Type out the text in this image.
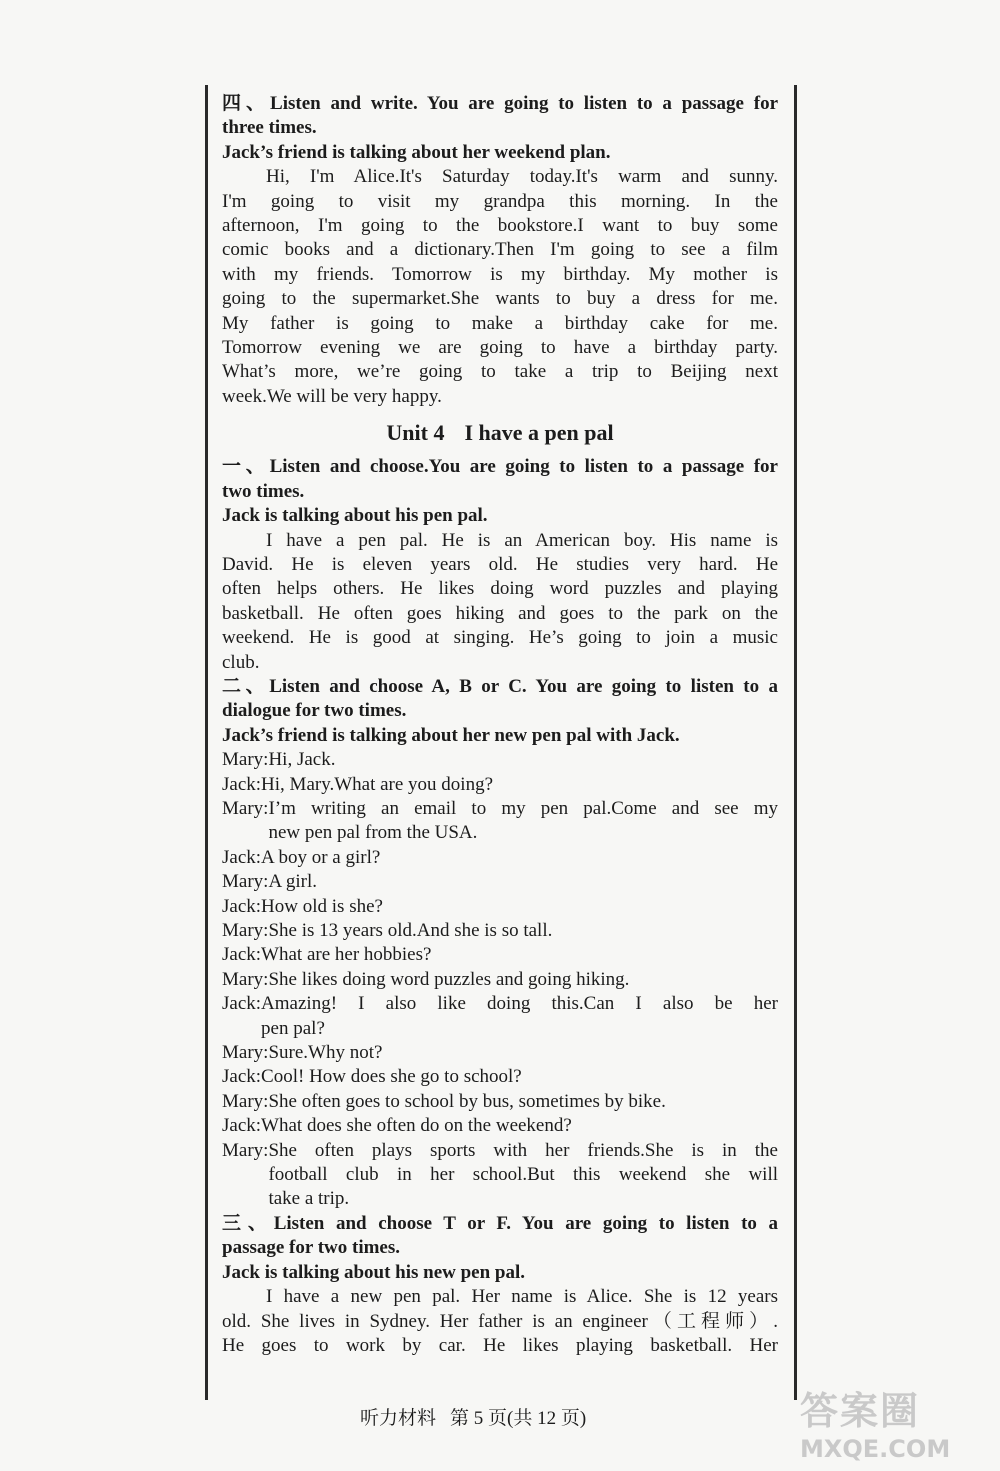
四、Listen and write. You are going to listen to a passage for
three times.
Jack’s friend is talking about her weekend plan.
Hi, I'm Alice.It's Saturday today.It's warm and sunny.
I'm going to visit my grandpa this morning. In the
afternoon, I'm going to the bookstore.I want to buy some
comic books and a dictionary.Then I'm going to see a film
with my friends. Tomorrow is my birthday. My mother is
going to the supermarket.She wants to buy a dress for me.
My father is going to make a birthday cake for me.
Tomorrow evening we are going to have a birthday party.
What’s more, we’re going to take a trip to Beijing next
week.We will be very happy.
Unit 4 I have a pen pal
一、Listen and choose.You are going to listen to a passage for
two times.
Jack is talking about his pen pal.
I have a pen pal. He is an American boy. His name is
David. He is eleven years old. He studies very hard. He
often helps others. He likes doing word puzzles and playing
basketball. He often goes hiking and goes to the park on the
weekend. He is good at singing. He’s going to join a music
club.
二、Listen and choose A, B or C. You are going to listen to a
dialogue for two times.
Jack’s friend is talking about her new pen pal with Jack.
Mary: Hi, Jack.
Jack: Hi, Mary.What are you doing?
Mary: I’m writing an email to my pen pal.Come and see my
new pen pal from the USA.
Jack: A boy or a girl?
Mary: A girl.
Jack: How old is she?
Mary: She is 13 years old.And she is so tall.
Jack: What are her hobbies?
Mary: She likes doing word puzzles and going hiking.
Jack: Amazing! I also like doing this.Can I also be her
pen pal?
Mary: Sure.Why not?
Jack: Cool! How does she go to school?
Mary: She often goes to school by bus, sometimes by bike.
Jack: What does she often do on the weekend?
Mary: She often plays sports with her friends.She is in the
football club in her school.But this weekend she will
take a trip.
三、Listen and choose T or F. You are going to listen to a
passage for two times.
Jack is talking about his new pen pal.
I have a new pen pal. Her name is Alice. She is 12 years
old. She lives in Sydney. Her father is an engineer（工程师）.
He goes to work by car. He likes playing basketball. Her
听力材料 第 5 页(共 12 页)	答案圈
MXQE.COM
